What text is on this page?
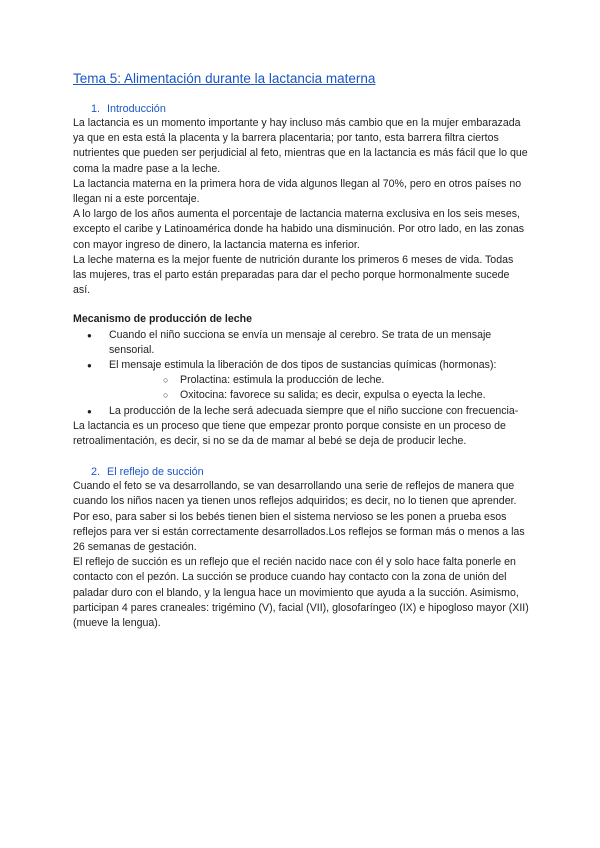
Tema 5: Alimentación durante la lactancia materna
1. Introducción

La lactancia es un momento importante y hay incluso más cambio que en la mujer embarazada ya que en esta está la placenta y la barrera placentaria; por tanto, esta barrera filtra ciertos nutrientes que pueden ser perjudicial al feto, mientras que en la lactancia es más fácil que lo que coma la madre pase a la leche.

La lactancia materna en la primera hora de vida algunos llegan al 70%, pero en otros países no llegan ni a este porcentaje.

A lo largo de los años aumenta el porcentaje de lactancia materna exclusiva en los seis meses, excepto el caribe y Latinoamérica donde ha habido una disminución. Por otro lado, en las zonas con mayor ingreso de dinero, la lactancia materna es inferior.

La leche materna es la mejor fuente de nutrición durante los primeros 6 meses de vida. Todas las mujeres, tras el parto están preparadas para dar el pecho porque hormonalmente sucede así.

Mecanismo de producción de leche
● Cuando el niño succiona se envía un mensaje al cerebro. Se trata de un mensaje sensorial.
● El mensaje estimula la liberación de dos tipos de sustancias químicas (hormonas):
○ Prolactina: estimula la producción de leche.
○ Oxitocina: favorece su salida; es decir, expulsa o eyecta la leche.
● La producción de la leche será adecuada siempre que el niño succione con frecuencia-

La lactancia es un proceso que tiene que empezar pronto porque consiste en un proceso de retroalimentación, es decir, si no se da de mamar al bebé se deja de producir leche.

2. El reflejo de succión

Cuando el feto se va desarrollando, se van desarrollando una serie de reflejos de manera que cuando los niños nacen ya tienen unos reflejos adquiridos; es decir, no lo tienen que aprender. Por eso, para saber si los bebés tienen bien el sistema nervioso se les ponen a prueba esos reflejos para ver si están correctamente desarrollados.Los reflejos se forman más o menos a las 26 semanas de gestación.

El reflejo de succión es un reflejo que el recién nacido nace con él y solo hace falta ponerle en contacto con el pezón. La succión se produce cuando hay contacto con la zona de unión del paladar duro con el blando, y la lengua hace un movimiento que ayuda a la succión. Asimismo, participan 4 pares craneales: trigémino (V), facial (VII), glosofaríngeo (IX) e hipogloso mayor (XII)(mueve la lengua).
